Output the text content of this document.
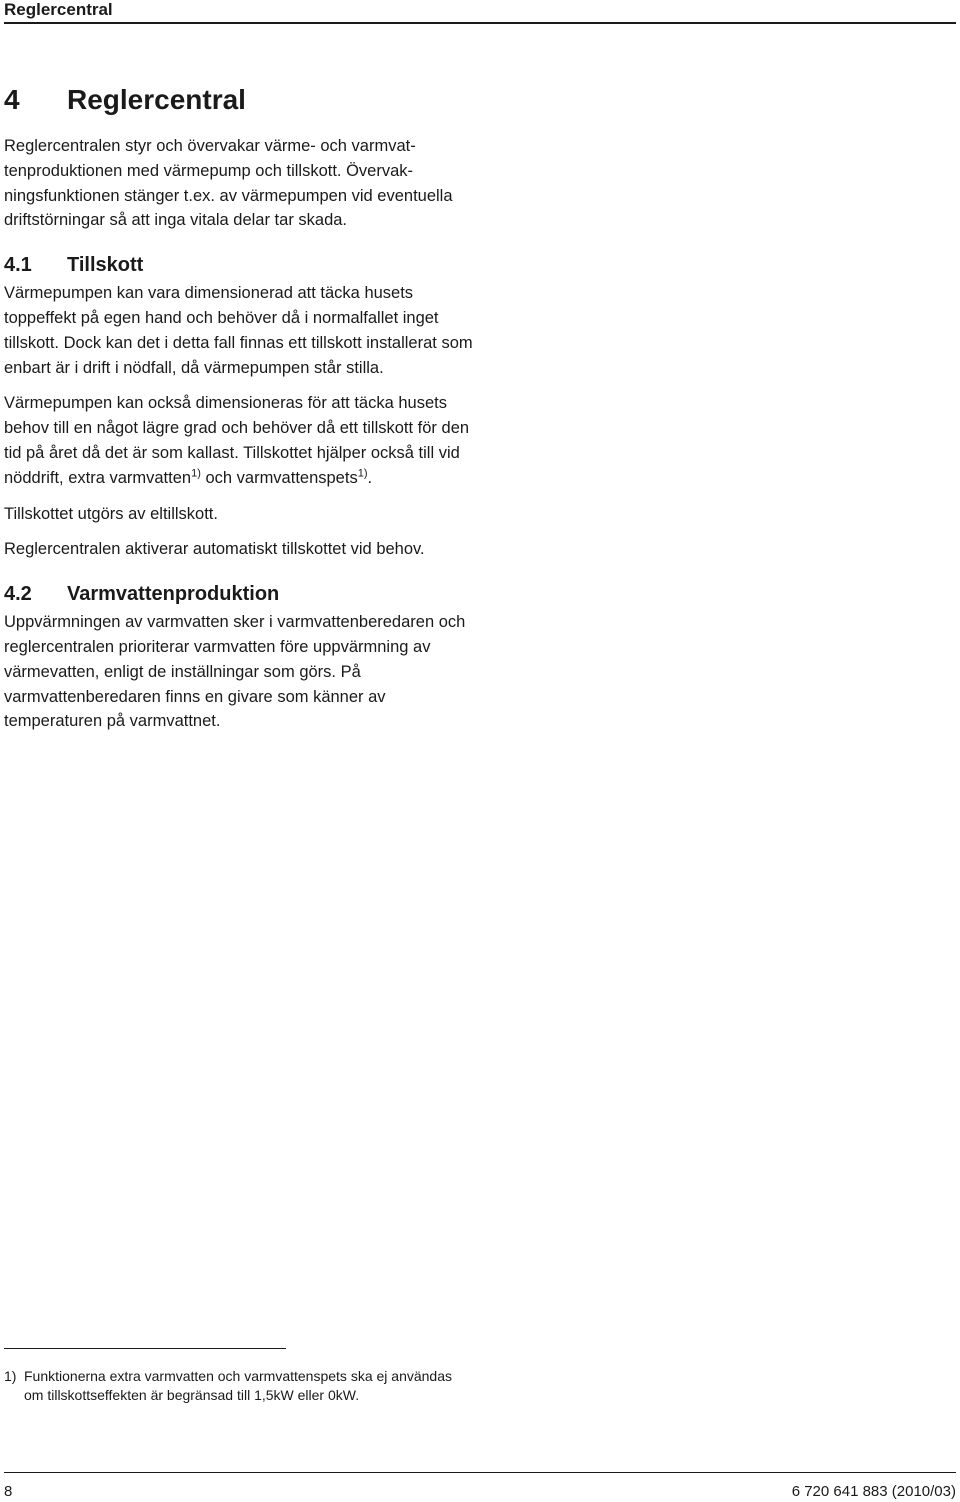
Reglercentral
4	Reglercentral

Reglercentralen styr och övervakar värme- och varmvattenproduktionen med värmepump och tillskott. Övervakningsfunktionen stänger t.ex. av värmepumpen vid eventuella driftstörningar så att inga vitala delar tar skada.

4.1	Tillskott

Värmepumpen kan vara dimensionerad att täcka husets toppeffekt på egen hand och behöver då i normalfallet inget tillskott. Dock kan det i detta fall finnas ett tillskott installerat som enbart är i drift i nödfall, då värmepumpen står stilla.

Värmepumpen kan också dimensioneras för att täcka husets behov till en något lägre grad och behöver då ett tillskott för den tid på året då det är som kallast. Tillskottet hjälper också till vid nöddrift, extra varmvatten$^{1)}$ och varmvattenspets$^{1)}$.

Tillskottet utgörs av eltillskott.

Reglercentralen aktiverar automatiskt tillskottet vid behov.

4.2	Varmvattenproduktion

Uppvärmningen av varmvatten sker i varmvattenberedaren och reglercentralen prioriterar varmvatten före uppvärmning av värmevatten, enligt de inställningar som görs. På varmvattenberedaren finns en givare som känner av temperaturen på varmvattnet.

1) Funktionerna extra varmvatten och varmvattenspets ska ej användas om tillskottseffekten är begränsad till 1,5kW eller 0kW.
8	6 720 641 883 (2010/03)
